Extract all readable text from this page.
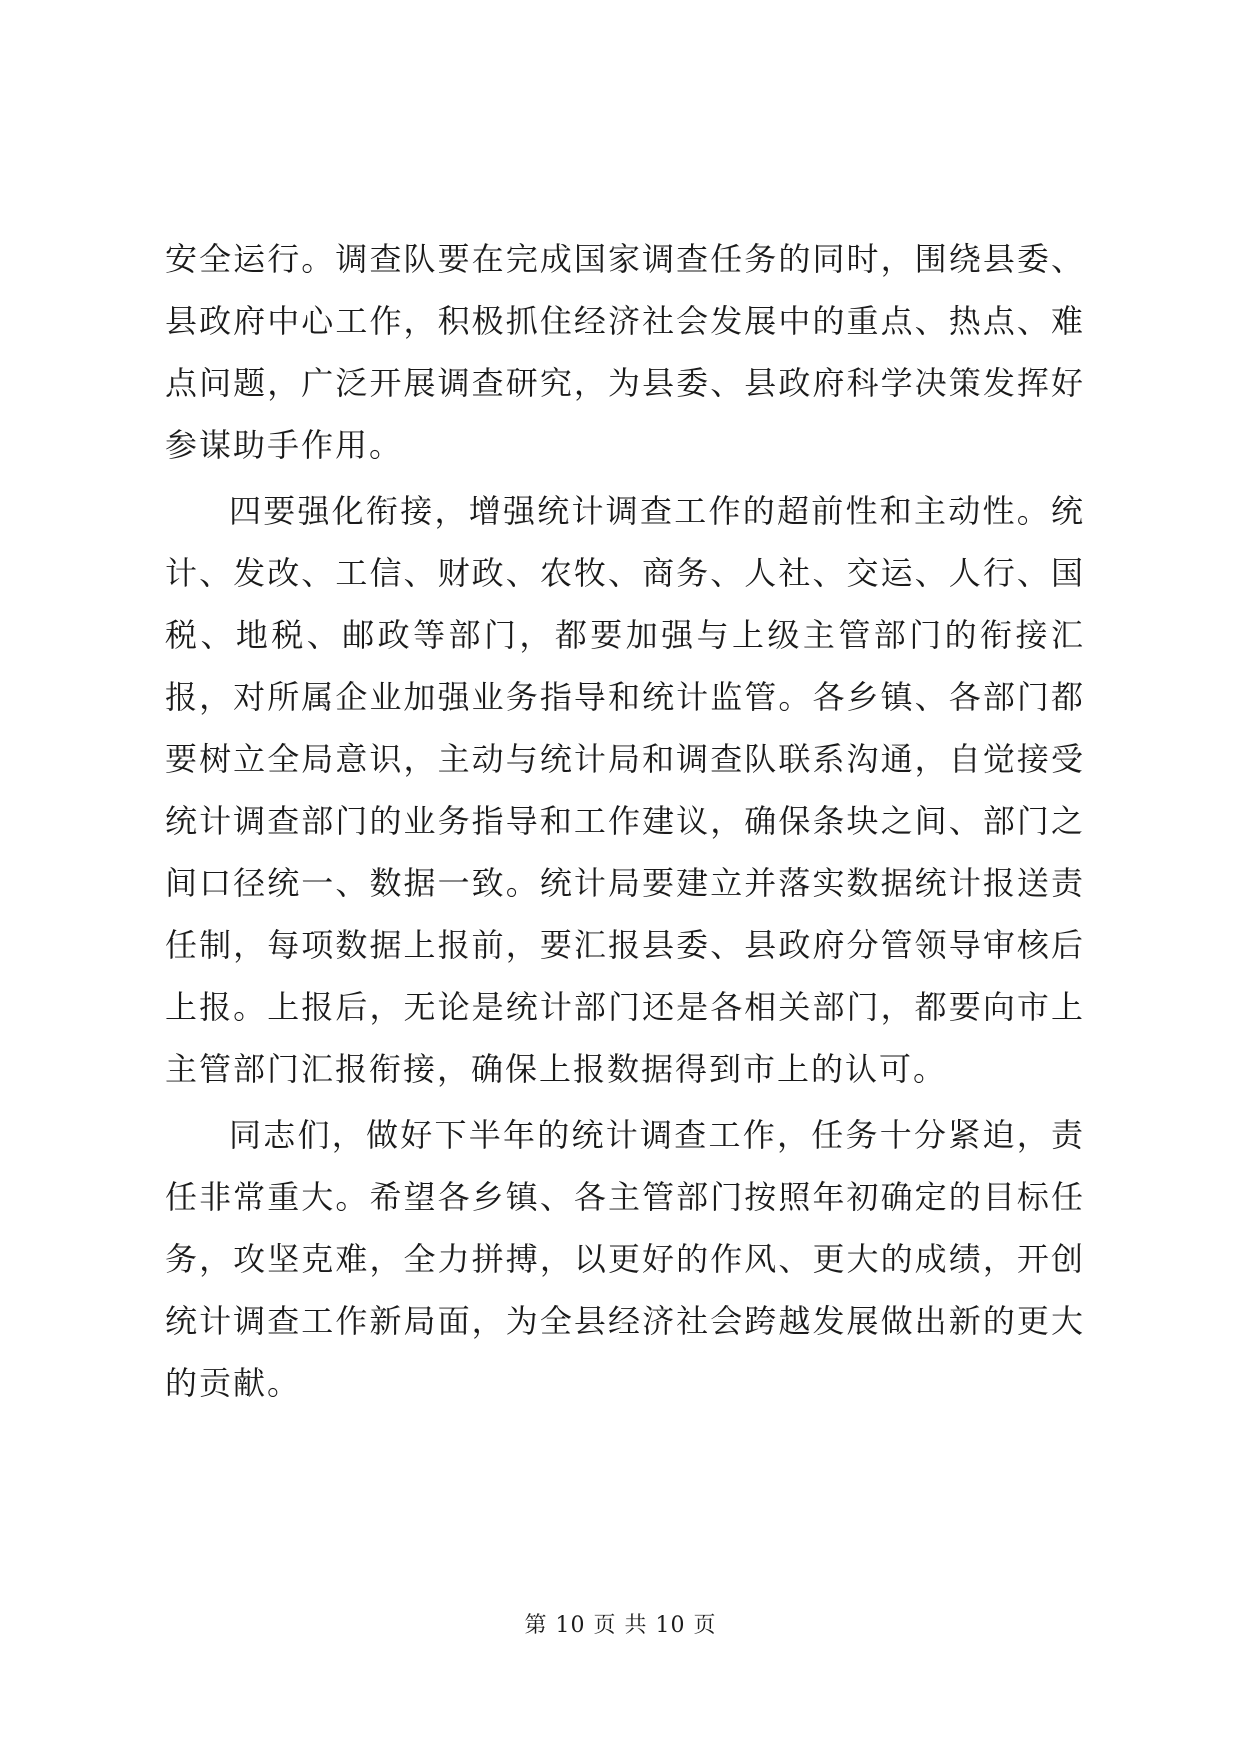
安全运行。调查队要在完成国家调查任务的同时，围绕县委、县政府中心工作，积极抓住经济社会发展中的重点、热点、难点问题，广泛开展调查研究，为县委、县政府科学决策发挥好参谋助手作用。

四要强化衔接，增强统计调查工作的超前性和主动性。统计、发改、工信、财政、农牧、商务、人社、交运、人行、国税、地税、邮政等部门，都要加强与上级主管部门的衔接汇报，对所属企业加强业务指导和统计监管。各乡镇、各部门都要树立全局意识，主动与统计局和调查队联系沟通，自觉接受统计调查部门的业务指导和工作建议，确保条块之间、部门之间口径统一、数据一致。统计局要建立并落实数据统计报送责任制，每项数据上报前，要汇报县委、县政府分管领导审核后上报。上报后，无论是统计部门还是各相关部门，都要向市上主管部门汇报衔接，确保上报数据得到市上的认可。

同志们，做好下半年的统计调查工作，任务十分紧迫，责任非常重大。希望各乡镇、各主管部门按照年初确定的目标任务，攻坚克难，全力拼搏，以更好的作风、更大的成绩，开创统计调查工作新局面，为全县经济社会跨越发展做出新的更大的贡献。

第 10 页 共 10 页
